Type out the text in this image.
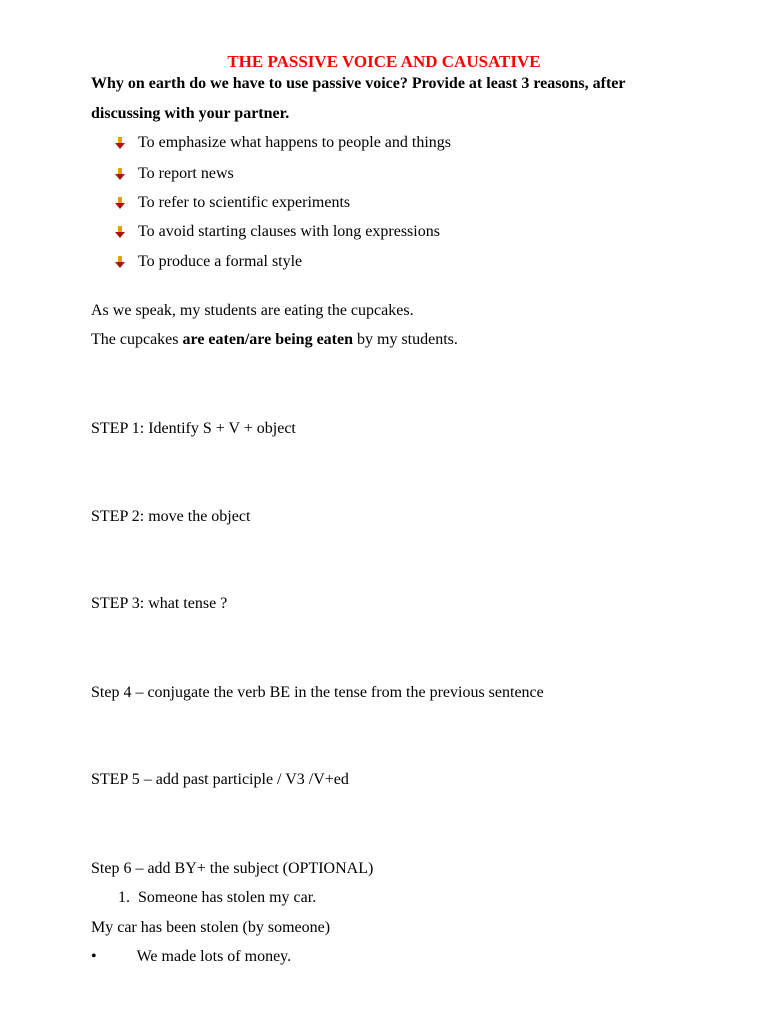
THE PASSIVE VOICE AND CAUSATIVE
Why on earth do we have to use passive voice? Provide at least 3 reasons, after
discussing with your partner.
To emphasize what happens to people and things
To report news
To refer to scientific experiments
To avoid starting clauses with long expressions
To produce a formal style
As we speak, my students are eating the cupcakes.
The cupcakes are eaten/are being eaten by my students.
STEP 1: Identify S + V + object
STEP 2: move the object
STEP 3: what tense ?
Step 4 – conjugate the verb BE in the tense from the previous sentence
STEP 5 – add past participle / V3 /V+ed
Step 6 – add BY+ the subject (OPTIONAL)
1. Someone has stolen my car.
My car has been stolen (by someone)
•	We made lots of money.
